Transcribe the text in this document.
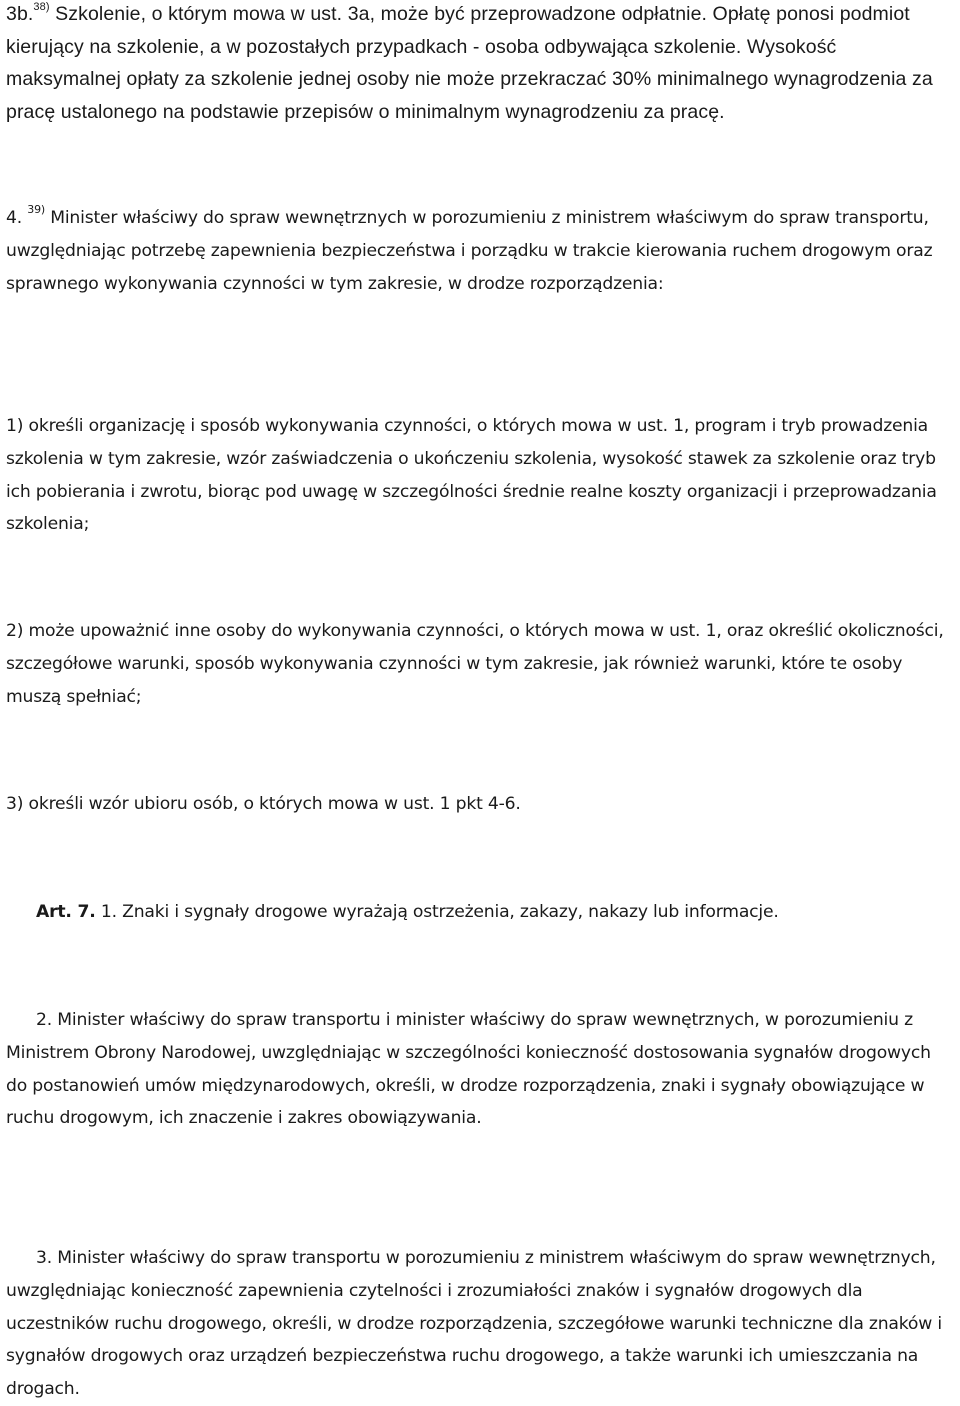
3b.$^{38)}$ Szkolenie, o którym mowa w ust. 3a, może być przeprowadzone odpłatnie. Opłatę ponosi podmiot kierujący na szkolenie, a w pozostałych przypadkach - osoba odbywająca szkolenie. Wysokość maksymalnej opłaty za szkolenie jednej osoby nie może przekraczać 30% minimalnego wynagrodzenia za pracę ustalonego na podstawie przepisów o minimalnym wynagrodzeniu za pracę.

4. $^{39)}$ Minister właściwy do spraw wewnętrznych w porozumieniu z ministrem właściwym do spraw transportu, uwzględniając potrzebę zapewnienia bezpieczeństwa i porządku w trakcie kierowania ruchem drogowym oraz sprawnego wykonywania czynności w tym zakresie, w drodze rozporządzenia:

1) określi organizację i sposób wykonywania czynności, o których mowa w ust. 1, program i tryb prowadzenia szkolenia w tym zakresie, wzór zaświadczenia o ukończeniu szkolenia, wysokość stawek za szkolenie oraz tryb ich pobierania i zwrotu, biorąc pod uwagę w szczególności średnie realne koszty organizacji i przeprowadzania szkolenia;

2) może upoważnić inne osoby do wykonywania czynności, o których mowa w ust. 1, oraz określić okoliczności, szczegółowe warunki, sposób wykonywania czynności w tym zakresie, jak również warunki, które te osoby muszą spełniać;

3) określi wzór ubioru osób, o których mowa w ust. 1 pkt 4-6.

Art. 7. 1. Znaki i sygnały drogowe wyrażają ostrzeżenia, zakazy, nakazy lub informacje.

2. Minister właściwy do spraw transportu i minister właściwy do spraw wewnętrznych, w porozumieniu z Ministrem Obrony Narodowej, uwzględniając w szczególności konieczność dostosowania sygnałów drogowych do postanowień umów międzynarodowych, określi, w drodze rozporządzenia, znaki i sygnały obowiązujące w ruchu drogowym, ich znaczenie i zakres obowiązywania.

3. Minister właściwy do spraw transportu w porozumieniu z ministrem właściwym do spraw wewnętrznych, uwzględniając konieczność zapewnienia czytelności i zrozumiałości znaków i sygnałów drogowych dla uczestników ruchu drogowego, określi, w drodze rozporządzenia, szczegółowe warunki techniczne dla znaków i sygnałów drogowych oraz urządzeń bezpieczeństwa ruchu drogowego, a także warunki ich umieszczania na drogach.
